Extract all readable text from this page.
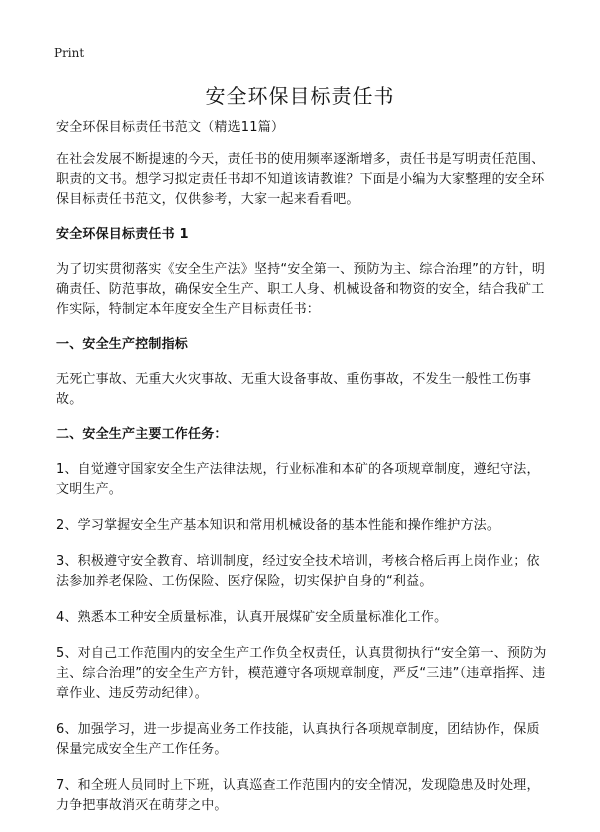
Print
安全环保目标责任书

安全环保目标责任书范文（精选11篇）

在社会发展不断提速的今天，责任书的使用频率逐渐增多，责任书是写明责任范围、职责的文书。想学习拟定责任书却不知道该请教谁？下面是小编为大家整理的安全环保目标责任书范文，仅供参考，大家一起来看看吧。

安全环保目标责任书 1

为了切实贯彻落实《安全生产法》坚持“安全第一、预防为主、综合治理”的方针，明确责任、防范事故，确保安全生产、职工人身、机械设备和物资的安全，结合我矿工作实际，特制定本年度安全生产目标责任书：

一、安全生产控制指标

无死亡事故、无重大火灾事故、无重大设备事故、重伤事故，不发生一般性工伤事故。

二、安全生产主要工作任务：

1、自觉遵守国家安全生产法律法规，行业标准和本矿的各项规章制度，遵纪守法，文明生产。

2、学习掌握安全生产基本知识和常用机械设备的基本性能和操作维护方法。

3、积极遵守安全教育、培训制度，经过安全技术培训，考核合格后再上岗作业；依法参加养老保险、工伤保险、医疗保险，切实保护自身的“利益。

4、熟悉本工种安全质量标准，认真开展煤矿安全质量标准化工作。

5、对自己工作范围内的安全生产工作负全权责任，认真贯彻执行“安全第一、预防为主、综合治理”的安全生产方针，模范遵守各项规章制度，严反“三违”（违章指挥、违章作业、违反劳动纪律）。

6、加强学习，进一步提高业务工作技能，认真执行各项规章制度，团结协作，保质保量完成安全生产工作任务。

7、和全班人员同时上下班，认真巡查工作范围内的安全情况，发现隐患及时处理，力争把事故消灭在萌芽之中。
